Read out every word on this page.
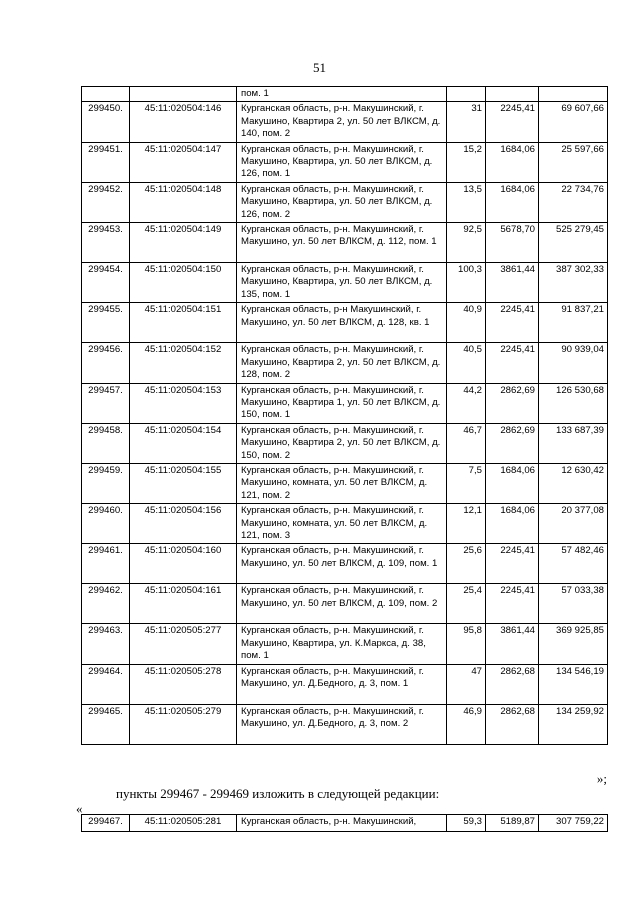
51
		пом. 1			
299450.	45:11:020504:146	Курганская область, р-н. Макушинский, г. Макушино, Квартира 2, ул. 50 лет ВЛКСМ, д. 140, пом. 2	31	2245,41	69 607,66
299451.	45:11:020504:147	Курганская область, р-н. Макушинский, г. Макушино, Квартира, ул. 50 лет ВЛКСМ, д. 126, пом. 1	15,2	1684,06	25 597,66
299452.	45:11:020504:148	Курганская область, р-н. Макушинский, г. Макушино, Квартира, ул. 50 лет ВЛКСМ, д. 126, пом. 2	13,5	1684,06	22 734,76
299453.	45:11:020504:149	Курганская область, р-н. Макушинский, г. Макушино, ул. 50 лет ВЛКСМ, д. 112, пом. 1	92,5	5678,70	525 279,45
299454.	45:11:020504:150	Курганская область, р-н. Макушинский, г. Макушино, Квартира, ул. 50 лет ВЛКСМ, д. 135, пом. 1	100,3	3861,44	387 302,33
299455.	45:11:020504:151	Курганская область, р-н Макушинский, г. Макушино, ул. 50 лет ВЛКСМ, д. 128, кв. 1	40,9	2245,41	91 837,21
299456.	45:11:020504:152	Курганская область, р-н. Макушинский, г. Макушино, Квартира 2, ул. 50 лет ВЛКСМ, д. 128, пом. 2	40,5	2245,41	90 939,04
299457.	45:11:020504:153	Курганская область, р-н. Макушинский, г. Макушино, Квартира 1, ул. 50 лет ВЛКСМ, д. 150, пом. 1	44,2	2862,69	126 530,68
299458.	45:11:020504:154	Курганская область, р-н. Макушинский, г. Макушино, Квартира 2, ул. 50 лет ВЛКСМ, д. 150, пом. 2	46,7	2862,69	133 687,39
299459.	45:11:020504:155	Курганская область, р-н. Макушинский, г. Макушино, комната, ул. 50 лет ВЛКСМ, д. 121, пом. 2	7,5	1684,06	12 630,42
299460.	45:11:020504:156	Курганская область, р-н. Макушинский, г. Макушино, комната, ул. 50 лет ВЛКСМ, д. 121, пом. 3	12,1	1684,06	20 377,08
299461.	45:11:020504:160	Курганская область, р-н. Макушинский, г. Макушино, ул. 50 лет ВЛКСМ, д. 109, пом. 1	25,6	2245,41	57 482,46
299462.	45:11:020504:161	Курганская область, р-н. Макушинский, г. Макушино, ул. 50 лет ВЛКСМ, д. 109, пом. 2	25,4	2245,41	57 033,38
299463.	45:11:020505:277	Курганская область, р-н. Макушинский, г. Макушино, Квартира, ул. К.Маркса, д. 38, пом. 1	95,8	3861,44	369 925,85
299464.	45:11:020505:278	Курганская область, р-н. Макушинский, г. Макушино, ул. Д.Бедного, д. 3, пом. 1	47	2862,68	134 546,19
299465.	45:11:020505:279	Курганская область, р-н. Макушинский, г. Макушино, ул. Д.Бедного, д. 3, пом. 2	46,9	2862,68	134 259,92
»;
пункты 299467 - 299469 изложить в следующей редакции:
«
299467.	45:11:020505:281	Курганская область, р-н. Макушинский,	59,3	5189,87	307 759,22
